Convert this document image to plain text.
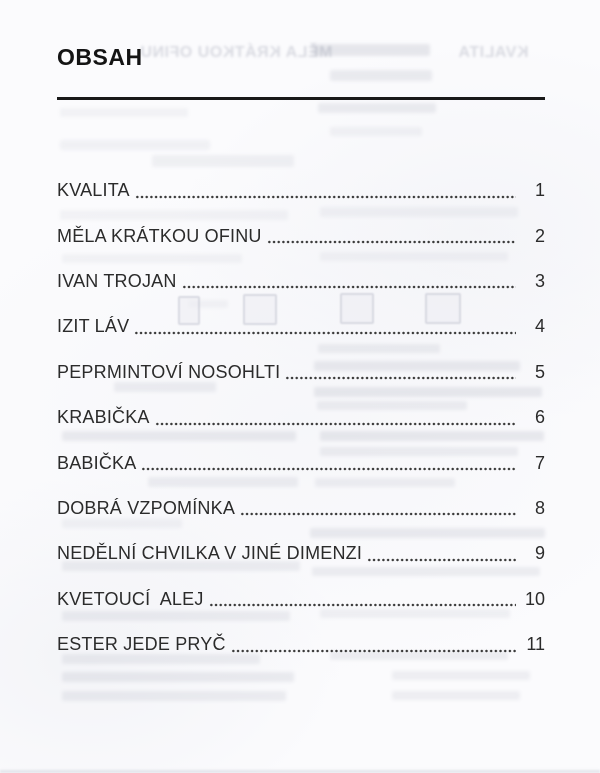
MĚLA KRÁTKOU OFINU	KVALITA
OBSAH
KVALITA	1
MĚLA KRÁTKOU OFINU	2
IVAN TROJAN	3
IZIT LÁV	4
PEPRMINTOVÍ NOSOHLTI	5
KRABIČKA	6
BABIČKA	7
DOBRÁ VZPOMÍNKA	8
NEDĚLNÍ CHVILKA V JINÉ DIMENZI	9
KVETOUCÍ  ALEJ	10
ESTER JEDE PRYČ	11
